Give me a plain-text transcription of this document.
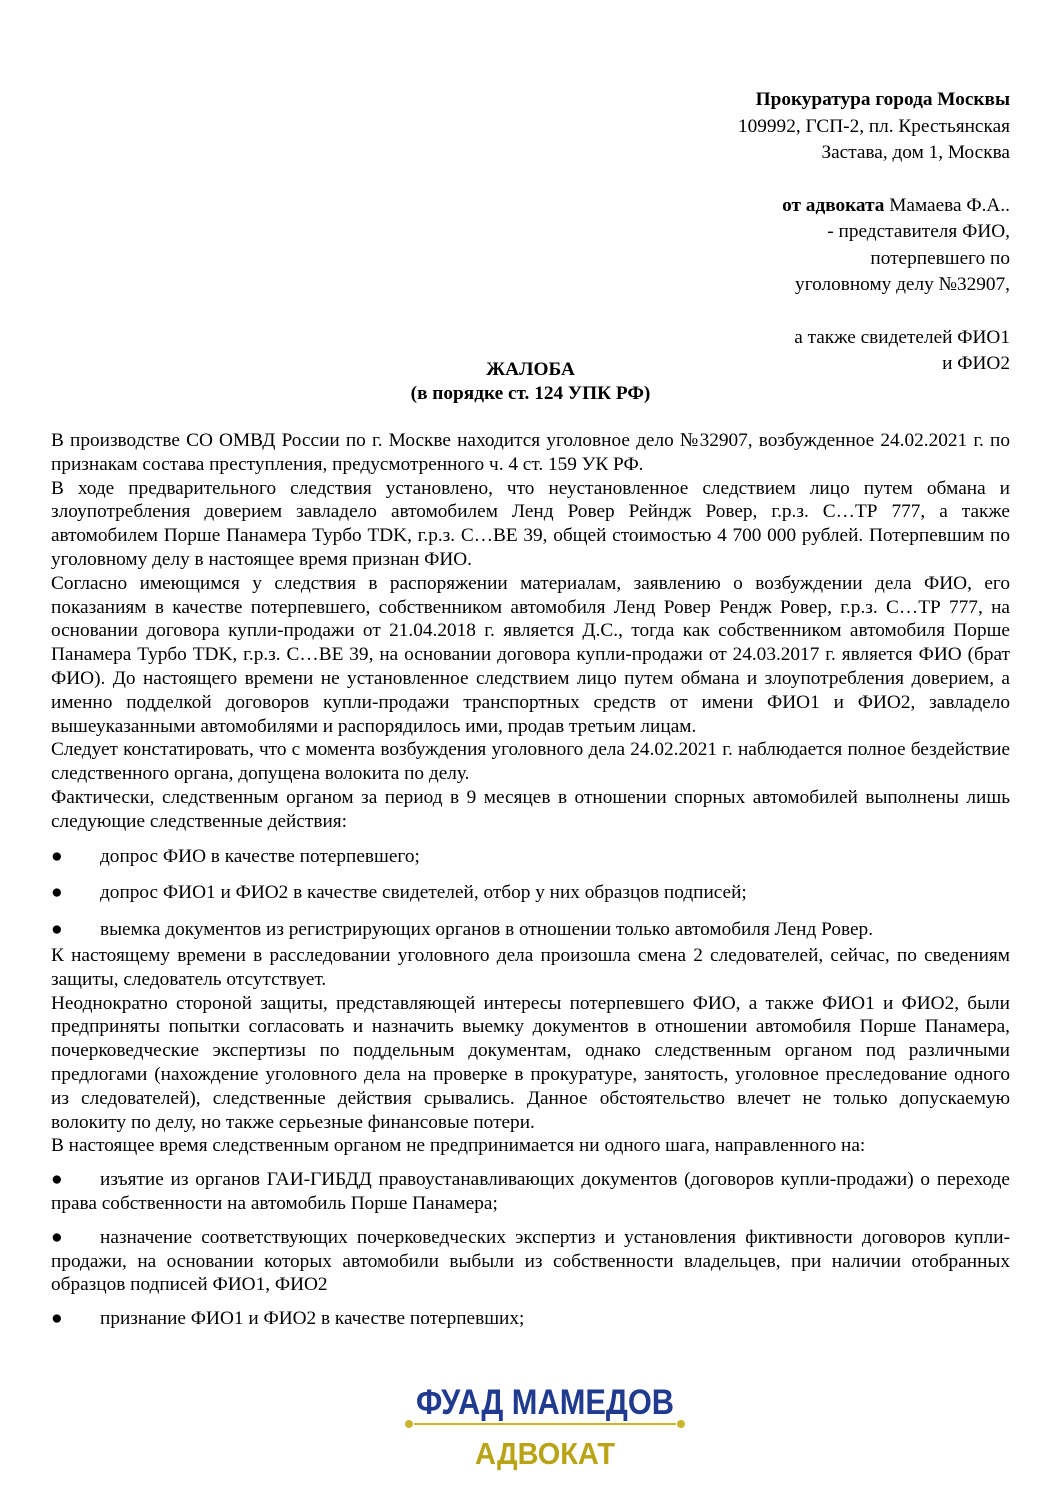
Прокуратура города Москвы
109992, ГСП-2, пл. Крестьянская
Застава, дом 1, Москва
от адвоката Мамаева Ф.А..
- представителя ФИО,
потерпевшего по
уголовному делу №32907,
а также свидетелей ФИО1
и ФИО2
ЖАЛОБА
(в порядке ст. 124 УПК РФ)

В производстве СО ОМВД России по г. Москве находится уголовное дело №32907, возбужденное 24.02.2021 г. по признакам состава преступления, предусмотренного ч. 4 ст. 159 УК РФ.

В ходе предварительного следствия установлено, что неустановленное следствием лицо путем обмана и злоупотребления доверием завладело автомобилем Ленд Ровер Рейндж Ровер, г.р.з. С…ТР 777, а также автомобилем Порше Панамера Турбо TDK, г.р.з. С…ВЕ 39, общей стоимостью 4 700 000 рублей. Потерпевшим по уголовному делу в настоящее время признан ФИО.

Согласно имеющимся у следствия в распоряжении материалам, заявлению о возбуждении дела ФИО, его показаниям в качестве потерпевшего, собственником автомобиля Ленд Ровер Рендж Ровер, г.р.з. С…ТР 777, на основании договора купли-продажи от 21.04.2018 г. является Д.С., тогда как собственником автомобиля Порше Панамера Турбо TDK, г.р.з. С…ВЕ 39, на основании договора купли-продажи от 24.03.2017 г. является ФИО (брат ФИО). До настоящего времени не установленное следствием лицо путем обмана и злоупотребления доверием, а именно подделкой договоров купли-продажи транспортных средств от имени ФИО1 и ФИО2, завладело вышеуказанными автомобилями и распорядилось ими, продав третьим лицам.

Следует констатировать, что с момента возбуждения уголовного дела 24.02.2021 г. наблюдается полное бездействие следственного органа, допущена волокита по делу.

Фактически, следственным органом за период в 9 месяцев в отношении спорных автомобилей выполнены лишь следующие следственные действия:

● допрос ФИО в качестве потерпевшего;
● допрос ФИО1 и ФИО2 в качестве свидетелей, отбор у них образцов подписей;
● выемка документов из регистрирующих органов в отношении только автомобиля Ленд Ровер.

К настоящему времени в расследовании уголовного дела произошла смена 2 следователей, сейчас, по сведениям защиты, следователь отсутствует.

Неоднократно стороной защиты, представляющей интересы потерпевшего ФИО, а также ФИО1 и ФИО2, были предприняты попытки согласовать и назначить выемку документов в отношении автомобиля Порше Панамера, почерковедческие экспертизы по поддельным документам, однако следственным органом под различными предлогами (нахождение уголовного дела на проверке в прокуратуре, занятость, уголовное преследование одного из следователей), следственные действия срывались. Данное обстоятельство влечет не только допускаемую волокиту по делу, но также серьезные финансовые потери.

В настоящее время следственным органом не предпринимается ни одного шага, направленного на:

● изъятие из органов ГАИ-ГИБДД правоустанавливающих документов (договоров купли-продажи) о переходе права собственности на автомобиль Порше Панамера;
● назначение соответствующих почерковедческих экспертиз и установления фиктивности договоров купли-продажи, на основании которых автомобили выбыли из собственности владельцев, при наличии отобранных образцов подписей ФИО1, ФИО2
● признание ФИО1 и ФИО2 в качестве потерпевших;
ФУАД МАМЕДОВ
АДВОКАТ
